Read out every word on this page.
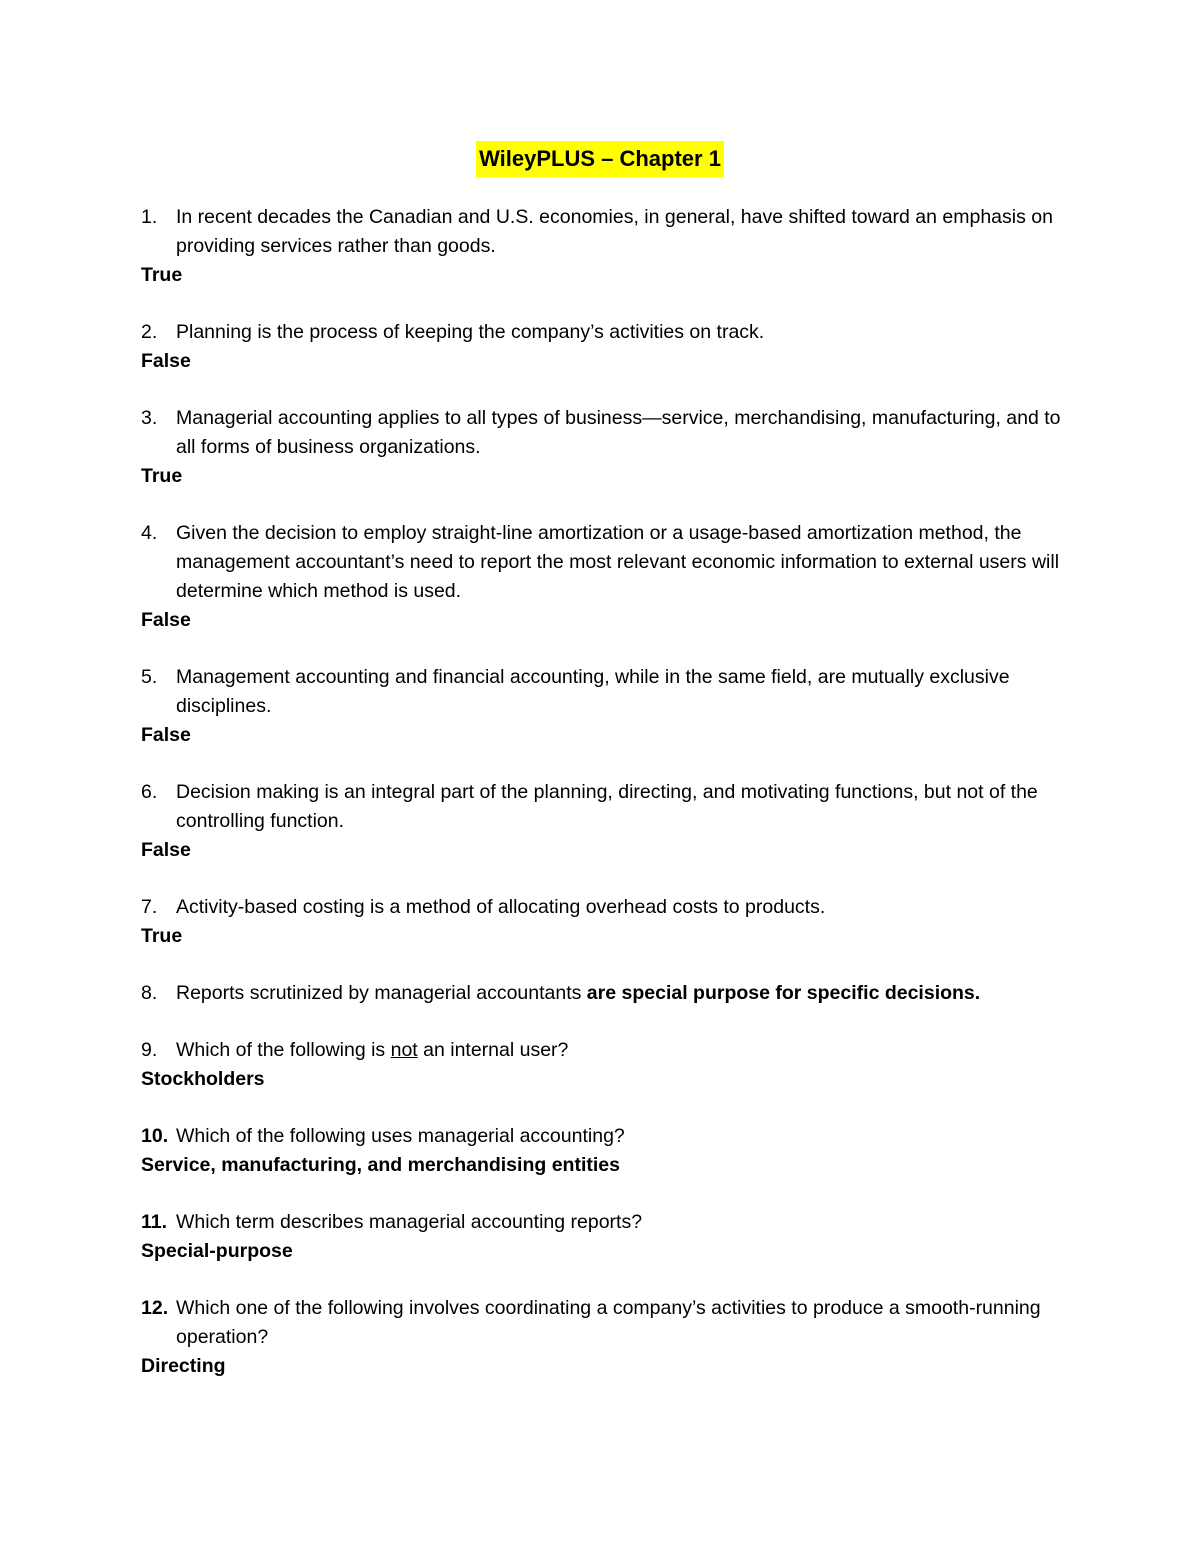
WileyPLUS – Chapter 1
1. In recent decades the Canadian and U.S. economies, in general, have shifted toward an emphasis on providing services rather than goods.
True
2. Planning is the process of keeping the company’s activities on track.
False
3. Managerial accounting applies to all types of business—service, merchandising, manufacturing, and to all forms of business organizations.
True
4. Given the decision to employ straight-line amortization or a usage-based amortization method, the management accountant’s need to report the most relevant economic information to external users will determine which method is used.
False
5. Management accounting and financial accounting, while in the same field, are mutually exclusive disciplines.
False
6. Decision making is an integral part of the planning, directing, and motivating functions, but not of the controlling function.
False
7. Activity-based costing is a method of allocating overhead costs to products.
True
8. Reports scrutinized by managerial accountants are special purpose for specific decisions.
9. Which of the following is not an internal user?
Stockholders
10. Which of the following uses managerial accounting?
Service, manufacturing, and merchandising entities
11. Which term describes managerial accounting reports?
Special-purpose
12. Which one of the following involves coordinating a company’s activities to produce a smooth-running operation?
Directing
